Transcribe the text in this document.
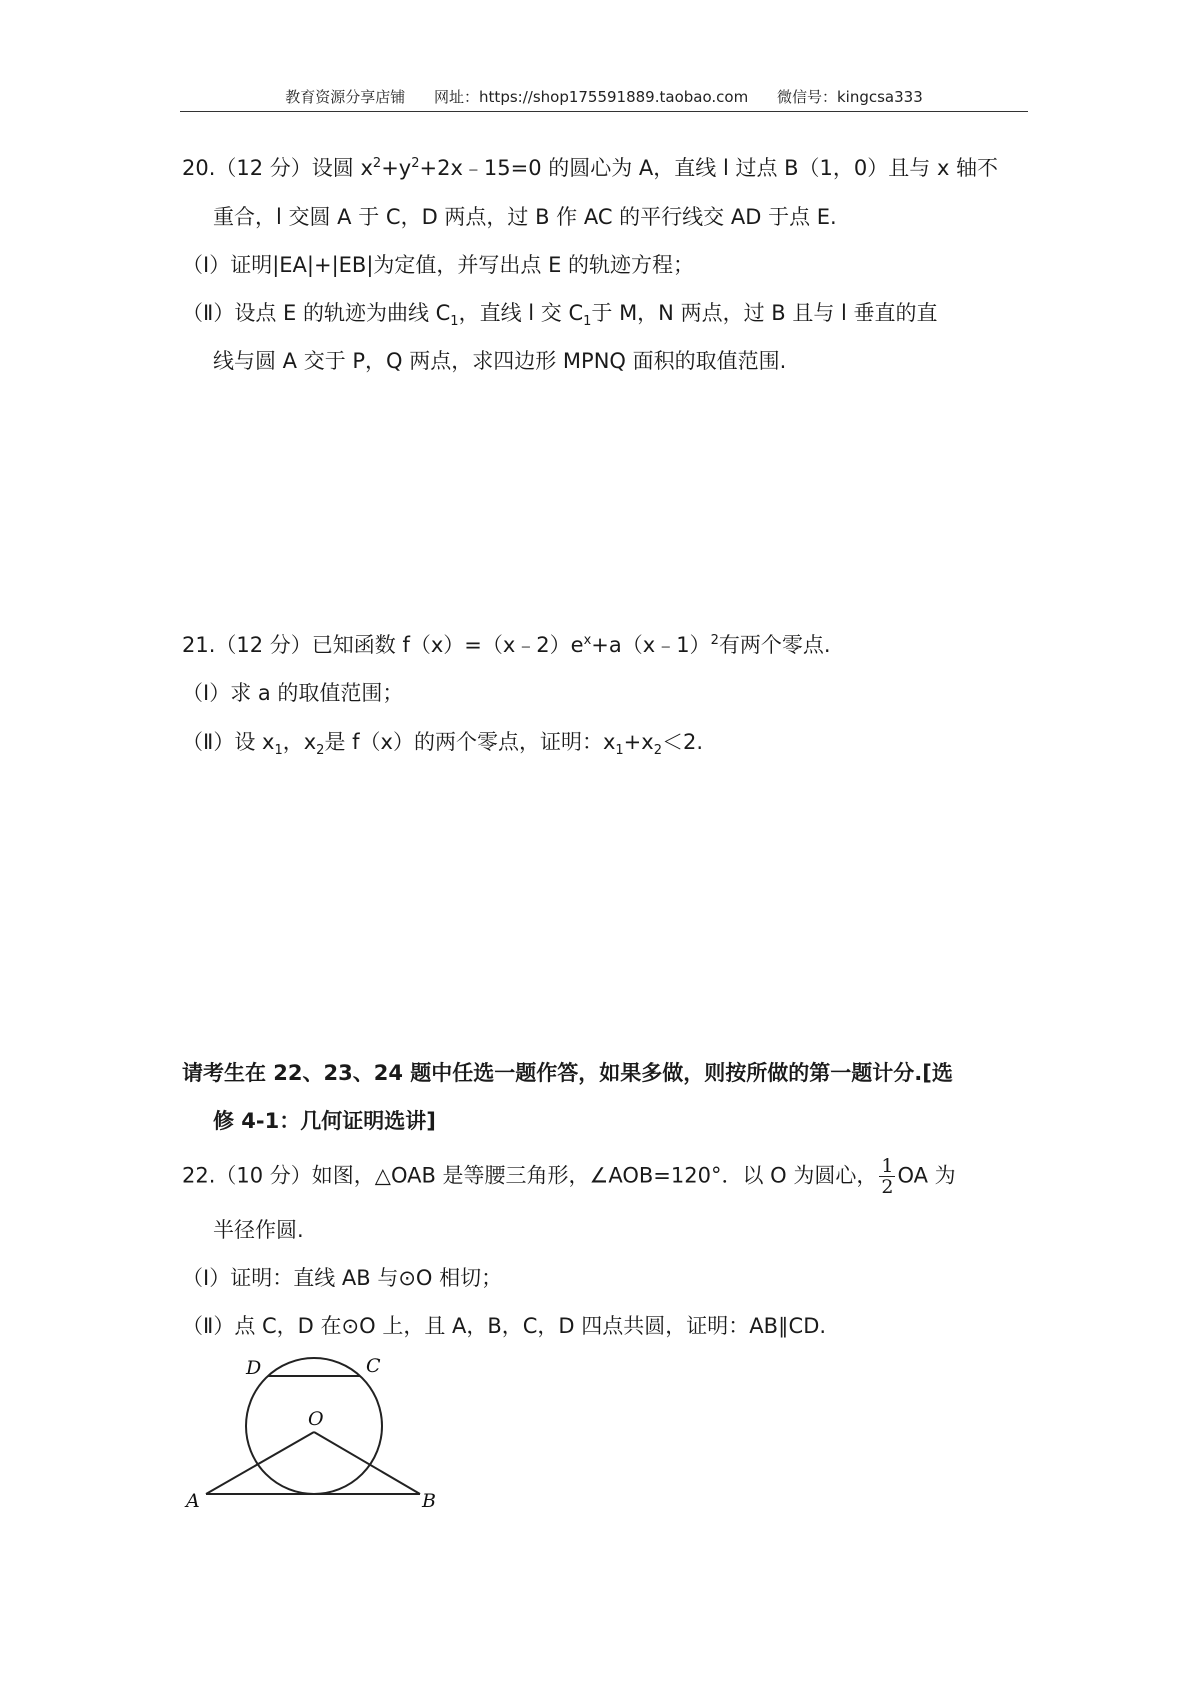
教育资源分享店铺 网址：https://shop175591889.taobao.com 微信号：kingcsa333
20.（12 分）设圆 $x^2+y^2+2x﹣15=0$ 的圆心为 A，直线 l 过点 B（1，0）且与 x 轴不
重合，l 交圆 A 于 C，D 两点，过 B 作 AC 的平行线交 AD 于点 E.
（Ⅰ）证明|EA|+|EB|为定值，并写出点 E 的轨迹方程；
（Ⅱ）设点 E 的轨迹为曲线 $C_1$，直线 l 交 $C_1$于 M，N 两点，过 B 且与 l 垂直的直
线与圆 A 交于 P，Q 两点，求四边形 MPNQ 面积的取值范围.
21.（12 分）已知函数 $f(x)=(x﹣2)e^x+a(x﹣1)^2$有两个零点.
（Ⅰ）求 a 的取值范围；
（Ⅱ）设 $x_1$，$x_2$是 f（x）的两个零点，证明：$x_1+x_2<2$.
请考生在 22、23、24 题中任选一题作答，如果多做，则按所做的第一题计分.[选
修 4-1：几何证明选讲]
22.（10 分）如图，△OAB 是等腰三角形，∠AOB=120°．以 O 为圆心， $\frac{1}{2}$ OA 为
半径作圆.
（Ⅰ）证明：直线 AB 与⊙O 相切；
（Ⅱ）点 C，D 在⊙O 上，且 A，B，C，D 四点共圆，证明：AB∥CD.
D	C
O
A	B
